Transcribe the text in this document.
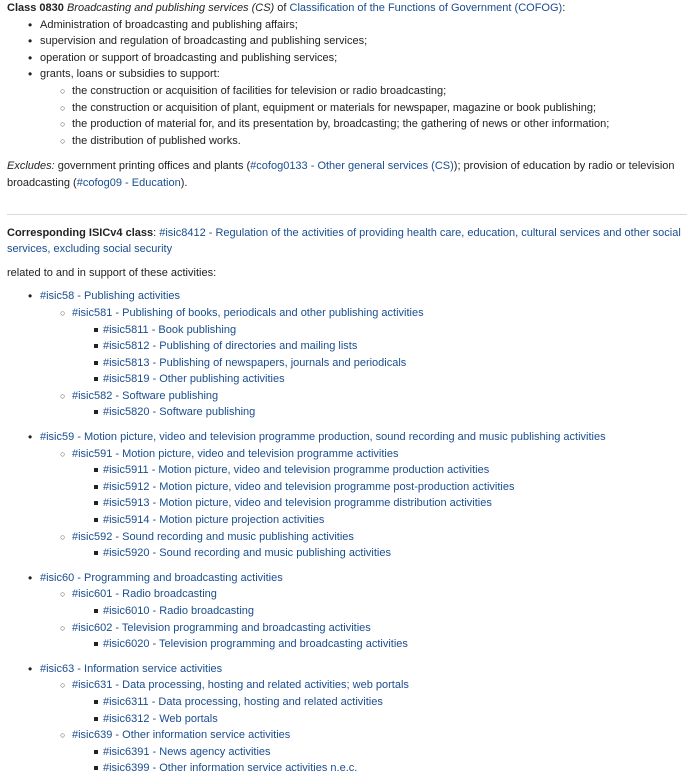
Class 0830 Broadcasting and publishing services (CS) of Classification of the Functions of Government (COFOG):

• Administration of broadcasting and publishing affairs;
• supervision and regulation of broadcasting and publishing services;
• operation or support of broadcasting and publishing services;
• grants, loans or subsidies to support:
○ the construction or acquisition of facilities for television or radio broadcasting;
○ the construction or acquisition of plant, equipment or materials for newspaper, magazine or book publishing;
○ the production of material for, and its presentation by, broadcasting; the gathering of news or other information;
○ the distribution of published works.

Excludes: government printing offices and plants (#cofog0133 - Other general services (CS)); provision of education by radio or television broadcasting (#cofog09 - Education).

Corresponding ISICv4 class: #isic8412 - Regulation of the activities of providing health care, education, cultural services and other social services, excluding social security

related to and in support of these activities:

• #isic58 - Publishing activities
○ #isic581 - Publishing of books, periodicals and other publishing activities
#isic5811 - Book publishing
#isic5812 - Publishing of directories and mailing lists
#isic5813 - Publishing of newspapers, journals and periodicals
#isic5819 - Other publishing activities
○ #isic582 - Software publishing
#isic5820 - Software publishing
• #isic59 - Motion picture, video and television programme production, sound recording and music publishing activities
○ #isic591 - Motion picture, video and television programme activities
#isic5911 - Motion picture, video and television programme production activities
#isic5912 - Motion picture, video and television programme post-production activities
#isic5913 - Motion picture, video and television programme distribution activities
#isic5914 - Motion picture projection activities
○ #isic592 - Sound recording and music publishing activities
#isic5920 - Sound recording and music publishing activities
• #isic60 - Programming and broadcasting activities
○ #isic601 - Radio broadcasting
#isic6010 - Radio broadcasting
○ #isic602 - Television programming and broadcasting activities
#isic6020 - Television programming and broadcasting activities
• #isic63 - Information service activities
○ #isic631 - Data processing, hosting and related activities; web portals
#isic6311 - Data processing, hosting and related activities
#isic6312 - Web portals
○ #isic639 - Other information service activities
#isic6391 - News agency activities
#isic6399 - Other information service activities n.e.c.
